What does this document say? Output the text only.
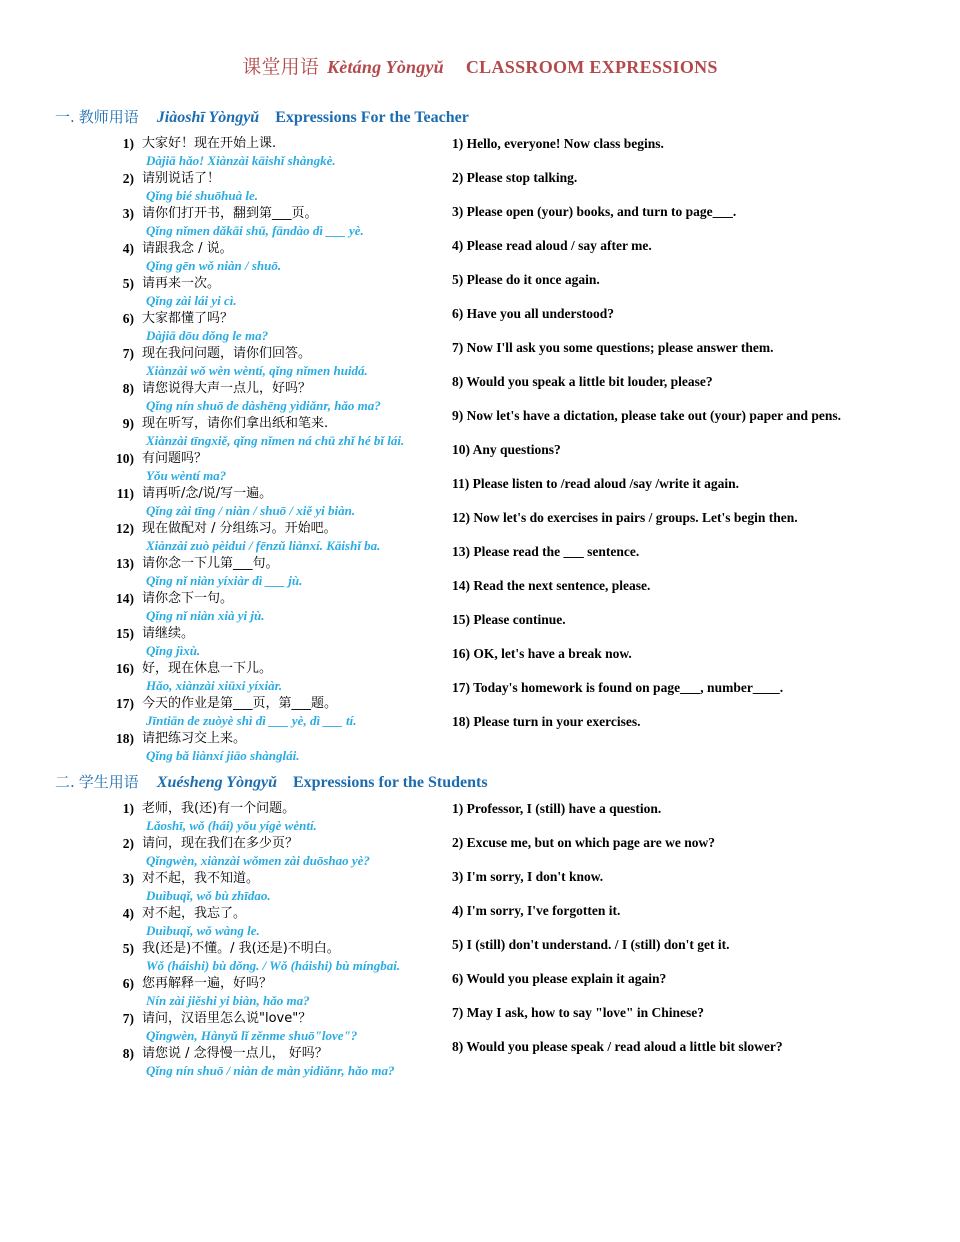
课堂用语 Kètáng Yòngyǔ CLASSROOM EXPRESSIONS
一. 教师用语 Jiàoshī Yòngyǔ Expressions For the Teacher
1) 大家好！现在开始上课.
Dàjiā hǎo! Xiànzài kāishǐ shàngkè.
2) 请别说话了！
Qǐng bié shuōhuà le.
3) 请你们打开书，翻到第___页。
Qǐng nǐmen dǎkāi shū, fāndào dì ___ yè.
4) 请跟我念 / 说。
Qǐng gēn wǒ niàn / shuō.
5) 请再来一次。
Qǐng zài lái yi cì.
6) 大家都懂了吗？
Dàjiā dōu dǒng le ma?
7) 现在我问问题，请你们回答。
Xiànzài wǒ wèn wèntí, qǐng nǐmen huidá.
8) 请您说得大声一点儿，好吗？
Qǐng nín shuō de dàshēng yìdiǎnr, hǎo ma?
9) 现在听写，请你们拿出纸和笔来.
Xiànzài tīngxiě, qǐng nǐmen ná chū zhǐ hé bǐ lái.
10) 有问题吗？
Yǒu wèntí ma?
11) 请再听/念/说/写一遍。
Qǐng zài tīng / niàn / shuō / xiě yi biàn.
12) 现在做配对 / 分组练习。开始吧。
Xiànzài zuò pèidui / fēnzǔ liànxí. Kāishǐ ba.
13) 请你念一下儿第___句。
Qǐng nǐ niàn yíxiàr dì ___ jù.
14) 请你念下一句。
Qǐng nǐ niàn xià yi jù.
15) 请继续。
Qǐng jìxù.
16) 好，现在休息一下儿。
Hǎo, xiànzài xiūxi yíxiàr.
17) 今天的作业是第___页，第___题。
Jīntiān de zuòyè shì dì ___ yè, dì ___ tí.
18) 请把练习交上来。
Qǐng bǎ liànxí jiāo shànglái.
1) Hello, everyone! Now class begins.
2) Please stop talking.
3) Please open (your) books, and turn to page___.
4) Please read aloud / say after me.
5) Please do it once again.
6) Have you all understood?
7) Now I'll ask you some questions; please answer them.
8) Would you speak a little bit louder, please?
9) Now let's have a dictation, please take out (your) paper and pens.
10) Any questions?
11) Please listen to /read aloud /say /write it again.
12) Now let's do exercises in pairs / groups. Let's begin then.
13) Please read the ___ sentence.
14) Read the next sentence, please.
15) Please continue.
16) OK, let's have a break now.
17) Today's homework is found on page___, number____.
18) Please turn in your exercises.
二. 学生用语 Xuésheng Yòngyǔ Expressions for the Students
1) 老师，我(还)有一个问题。
Lǎoshī, wǒ (hái) yǒu yígè wèntí.
2) 请问，现在我们在多少页？
Qǐngwèn, xiànzài wǒmen zài duōshao yè?
3) 对不起，我不知道。
Duìbuqǐ, wǒ bù zhīdao.
4) 对不起，我忘了。
Duìbuqǐ, wǒ wàng le.
5) 我(还是)不懂。/ 我(还是)不明白。
Wǒ (háishi) bù dǒng. / Wǒ (háishi) bù míngbai.
6) 您再解释一遍，好吗？
Nín zài jiěshi yi biàn, hǎo ma?
7) 请问，汉语里怎么说"love"？
Qǐngwèn, Hànyǔ lǐ zěnme shuō"love"?
8) 请您说 / 念得慢一点儿， 好吗？
Qǐng nín shuō / niàn de màn yidiǎnr, hǎo ma?
1) Professor, I (still) have a question.
2) Excuse me, but on which page are we now?
3) I'm sorry, I don't know.
4) I'm sorry, I've forgotten it.
5) I (still) don't understand. / I (still) don't get it.
6) Would you please explain it again?
7) May I ask, how to say "love" in Chinese?
8) Would you please speak / read aloud a little bit slower?
